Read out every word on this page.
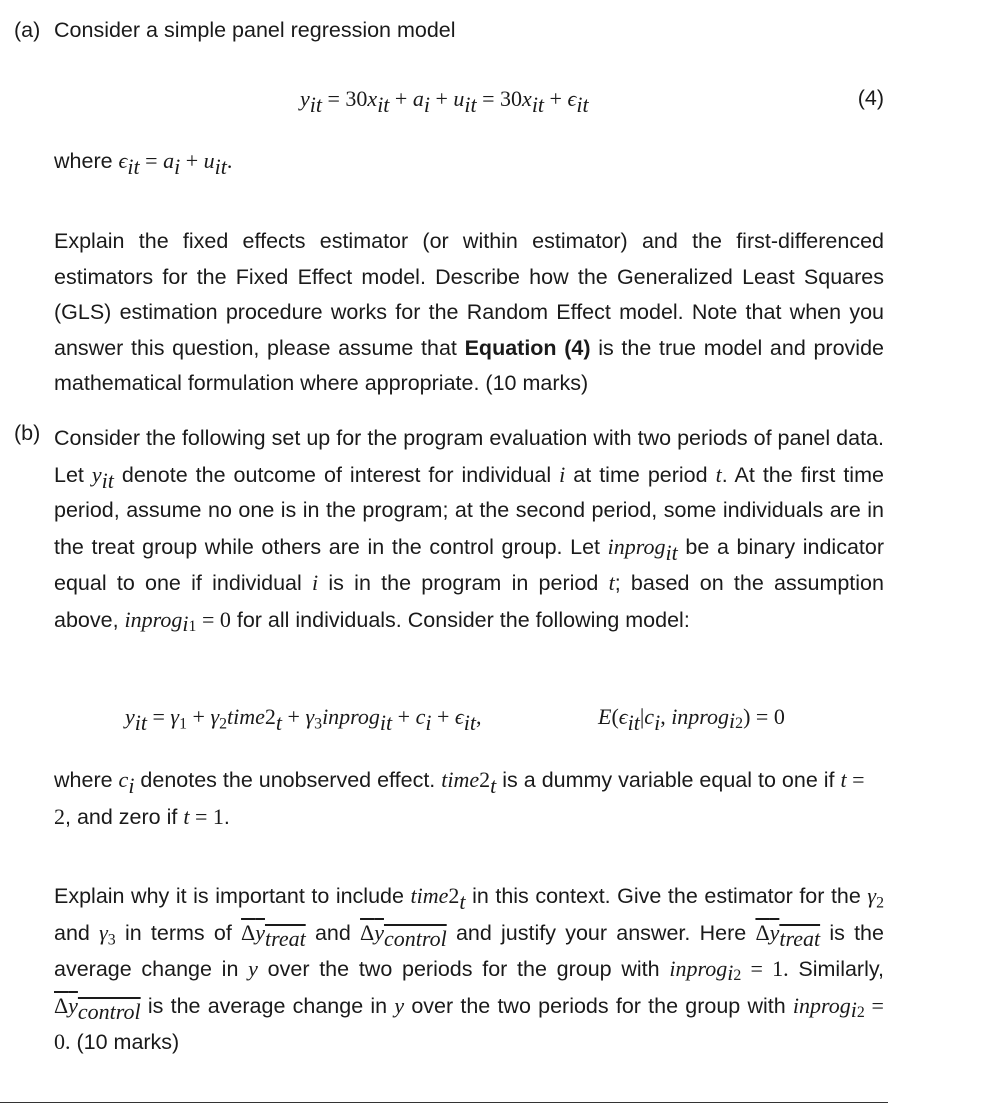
(a) Consider a simple panel regression model
$y_{it} = 30x_{it} + a_i + u_{it} = 30x_{it} + \epsilon_{it}$	(4)
where $\epsilon_{it} = a_i + u_{it}$.

Explain the fixed effects estimator (or within estimator) and the first-differenced estimators for the Fixed Effect model. Describe how the Generalized Least Squares (GLS) estimation procedure works for the Random Effect model. Note that when you answer this question, please assume that Equation (4) is the true model and provide mathematical formulation where appropriate. (10 marks)

(b) Consider the following set up for the program evaluation with two periods of panel data. Let $y_{it}$ denote the outcome of interest for individual i at time period t. At the first time period, assume no one is in the program; at the second period, some individuals are in the treat group while others are in the control group. Let inprog$_{it}$ be a binary indicator equal to one if individual i is in the program in period t; based on the assumption above, inprog$_{i1}$ = 0 for all individuals. Consider the following model:

$y_{it} = \gamma_1$ + $\gamma_2time2_t$ + $\gamma_3inprog_{it} + c_i + \epsilon_{it}$,	$E(\epsilon_{it}|c_i$, inprog$_{i2}$) = 0

where $c_i$ denotes the unobserved effect. $time2_t$ is a dummy variable equal to one if t = 2, and zero if t = 1.

Explain why it is important to include $time2_t$ in this context. Give the estimator for the $\gamma_2$ and $\gamma_3$ in terms of $\Delta y_{treat}$ and $\Delta y_{control}$ and justify your answer. Here $\Delta y_{treat}$ is the average change in y over the two periods for the group with inprog$_{i2}$ = 1. Similarly, $\Delta y_{control}$ is the average change in y over the two periods for the group with inprog$_{i2}$ = 0. (10 marks)
